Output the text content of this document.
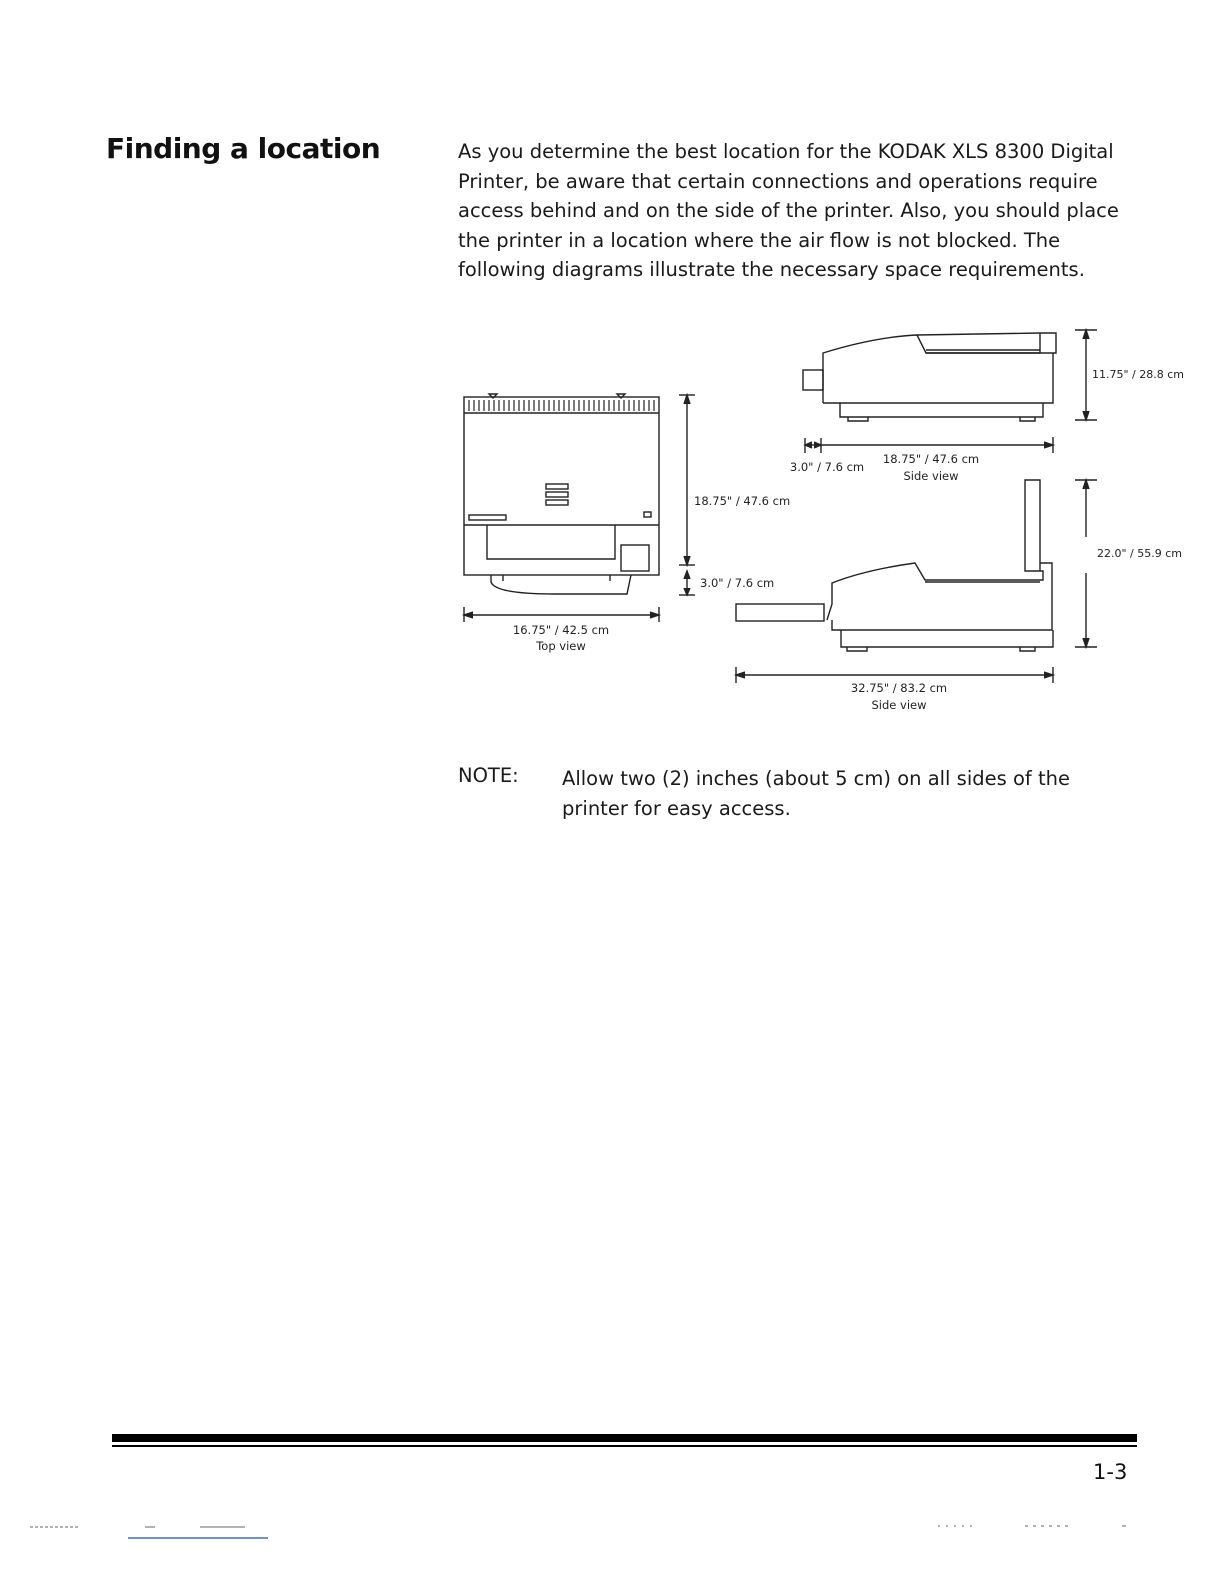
Finding a location	As you determine the best location for the KODAK XLS 8300 Digital
Printer, be aware that certain connections and operations require
access behind and on the side of the printer. Also, you should place
the printer in a location where the air flow is not blocked. The
following diagrams illustrate the necessary space requirements.
18.75" / 47.6 cm
3.0" / 7.6 cm
16.75" / 42.5 cm
Top view
11.75" / 28.8 cm
3.0" / 7.6 cm
18.75" / 47.6 cm
Side view
22.0" / 55.9 cm
32.75" / 83.2 cm
Side view
NOTE: Allow two (2) inches (about 5 cm) on all sides of the
printer for easy access.
1-3
